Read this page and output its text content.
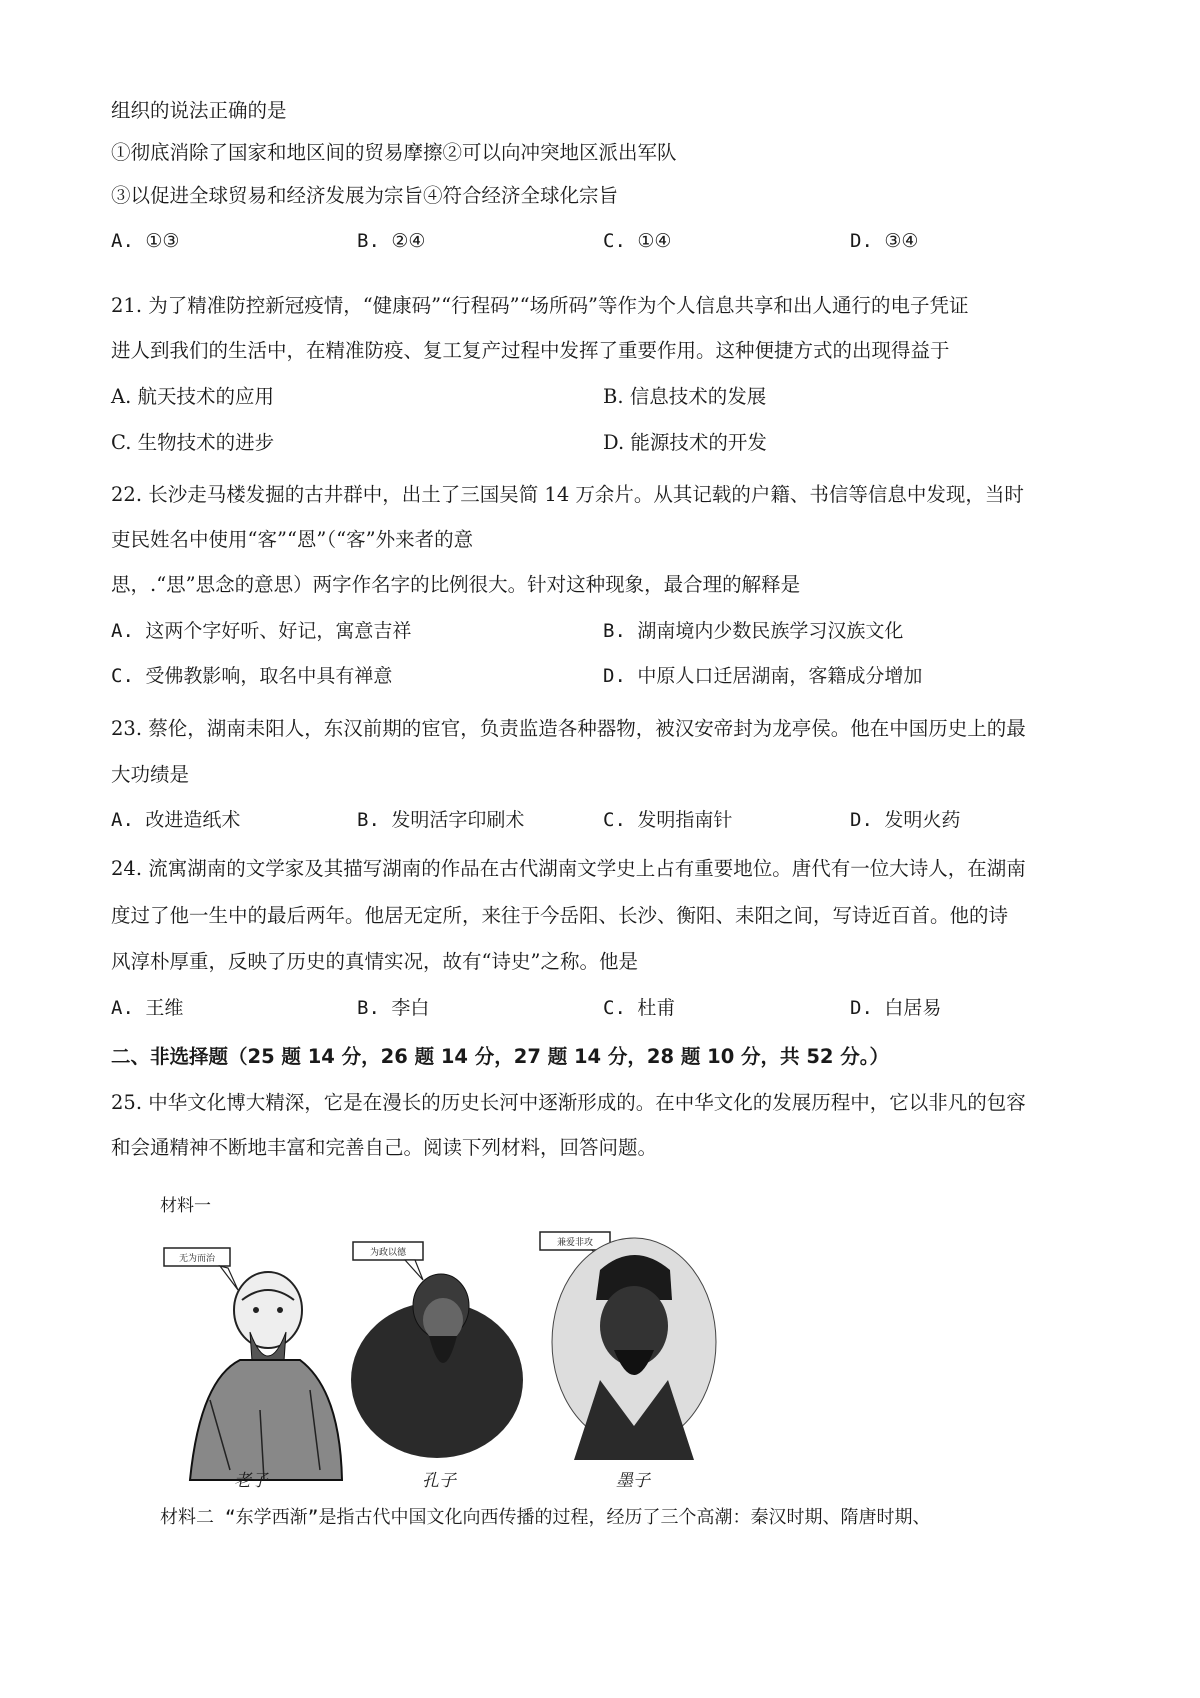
组织的说法正确的是
①彻底消除了国家和地区间的贸易摩擦②可以向冲突地区派出军队
③以促进全球贸易和经济发展为宗旨④符合经济全球化宗旨
A. ①③	B. ②④	C. ①④	D. ③④
21. 为了精准防控新冠疫情，“健康码”“行程码”“场所码”等作为个人信息共享和出人通行的电子凭证
进人到我们的生活中，在精准防疫、复工复产过程中发挥了重要作用。这种便捷方式的出现得益于
A. 航天技术的应用	B. 信息技术的发展
C. 生物技术的进步	D. 能源技术的开发
22. 长沙走马楼发掘的古井群中，出土了三国吴简 14 万余片。从其记载的户籍、书信等信息中发现，当时
吏民姓名中使用“客”“恩”（“客”外来者的意
思，.“思”思念的意思）两字作名字的比例很大。针对这种现象，最合理的解释是
A. 这两个字好听、好记，寓意吉祥	B. 湖南境内少数民族学习汉族文化
C. 受佛教影响，取名中具有禅意	D. 中原人口迁居湖南，客籍成分增加
23. 蔡伦，湖南耒阳人，东汉前期的宦官，负责监造各种器物，被汉安帝封为龙亭侯。他在中国历史上的最
大功绩是
A. 改进造纸术	B. 发明活字印刷术	C. 发明指南针	D. 发明火药
24. 流寓湖南的文学家及其描写湖南的作品在古代湖南文学史上占有重要地位。唐代有一位大诗人，在湖南
度过了他一生中的最后两年。他居无定所，来往于今岳阳、长沙、衡阳、耒阳之间，写诗近百首。他的诗
风淳朴厚重，反映了历史的真情实况，故有“诗史”之称。他是
A. 王维	B. 李白	C. 杜甫	D. 白居易
二、非选择题（25 题 14 分，26 题 14 分，27 题 14 分，28 题 10 分，共 52 分。）
25. 中华文化博大精深，它是在漫长的历史长河中逐渐形成的。在中华文化的发展历程中，它以非凡的包容
和会通精神不断地丰富和完善自己。阅读下列材料，回答问题。
材料一
无为而治
老子
为政以德
孔子
兼爱非攻
墨子
材料二 “东学西渐”是指古代中国文化向西传播的过程，经历了三个高潮：秦汉时期、隋唐时期、
